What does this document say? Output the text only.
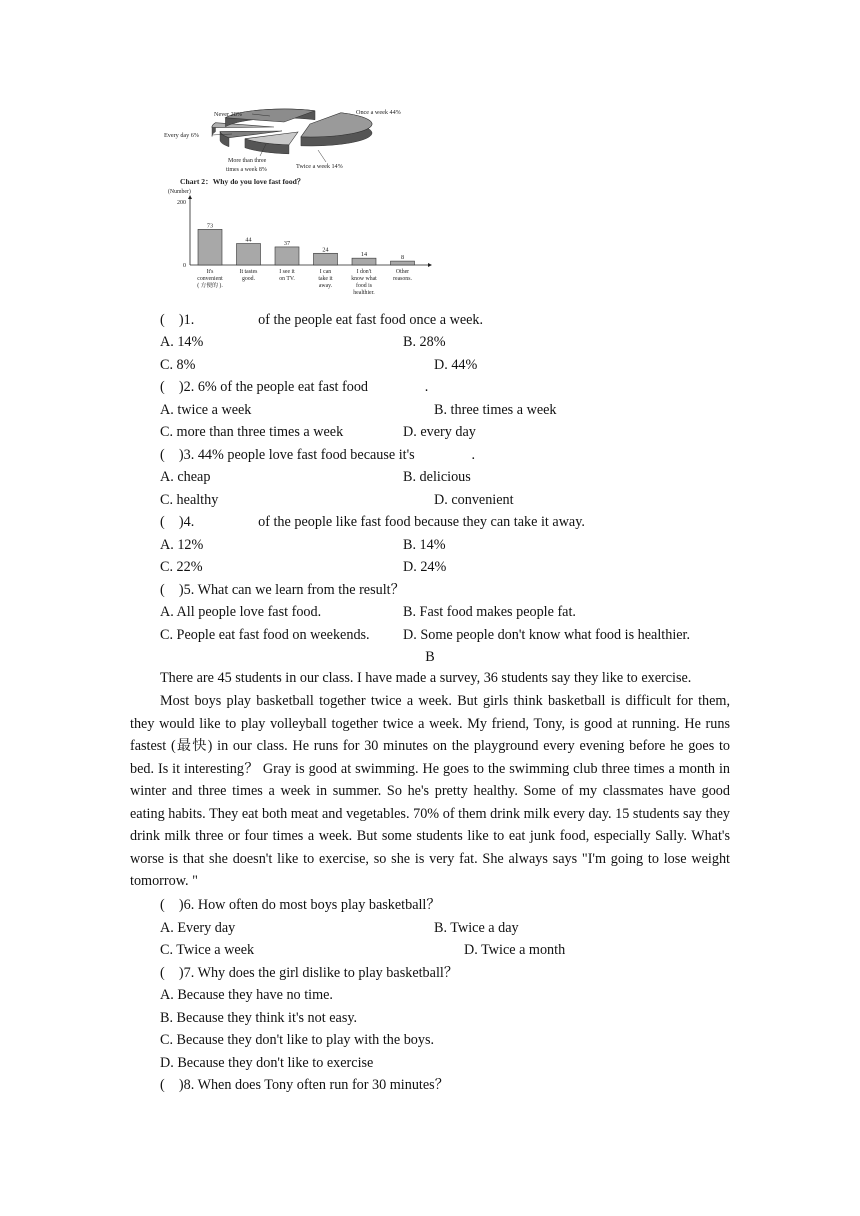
Once a week 44%
Never 28%
Every day 6%
More than three
times a week 8%	Twice a week 14%
Chart 2：Why do you love fast food？
(Number)
200
0
73
It's
convenient
( 方便的 ).
44
It tastes
good.
37
I see it
on TV.
24
I can
take it
away.
14
I don't
know what
food is
healthier.
8
Other
reasons.
(    )1.                  of the people eat fast food once a week.
A. 14%	B. 28%
C. 8%	D. 44%
(    )2. 6% of the people eat fast food                .
A. twice a week	B. three times a week
C. more than three times a week	D. every day
(    )3. 44% people love fast food because it's                .
A. cheap	B. delicious
C. healthy	D. convenient
(    )4.                  of the people like fast food because they can take it away.
A. 12%	B. 14%
C. 22%	D. 24%
(    )5. What can we learn from the result？
A. All people love fast food.	B. Fast food makes people fat.
C. People eat fast food on weekends. D. Some people don't know what food is healthier.
B
There are 45 students in our class. I have made a survey, 36 students say they like to exercise.
Most boys play basketball together twice a week. But girls think basketball is difficult for them, they would like to play volleyball together twice a week. My friend, Tony, is good at running. He runs fastest (最快) in our class. He runs for 30 minutes on the playground every evening before he goes to bed. Is it interesting？ Gray is good at swimming. He goes to the swimming club three times a month in winter and three times a week in summer. So he's pretty healthy. Some of my classmates have good eating habits. They eat both meat and vegetables. 70% of them drink milk every day. 15 students say they drink milk three or four times a week. But some students like to eat junk food, especially Sally. What's worse is that she doesn't like to exercise, so she is very fat. She always says "I'm going to lose weight tomorrow. "
(    )6. How often do most boys play basketball？
A. Every day	B. Twice a day
C. Twice a week	D. Twice a month
(    )7. Why does the girl dislike to play basketball？
A. Because they have no time.
B. Because they think it's not easy.
C. Because they don't like to play with the boys.
D. Because they don't like to exercise
(    )8. When does Tony often run for 30 minutes？
